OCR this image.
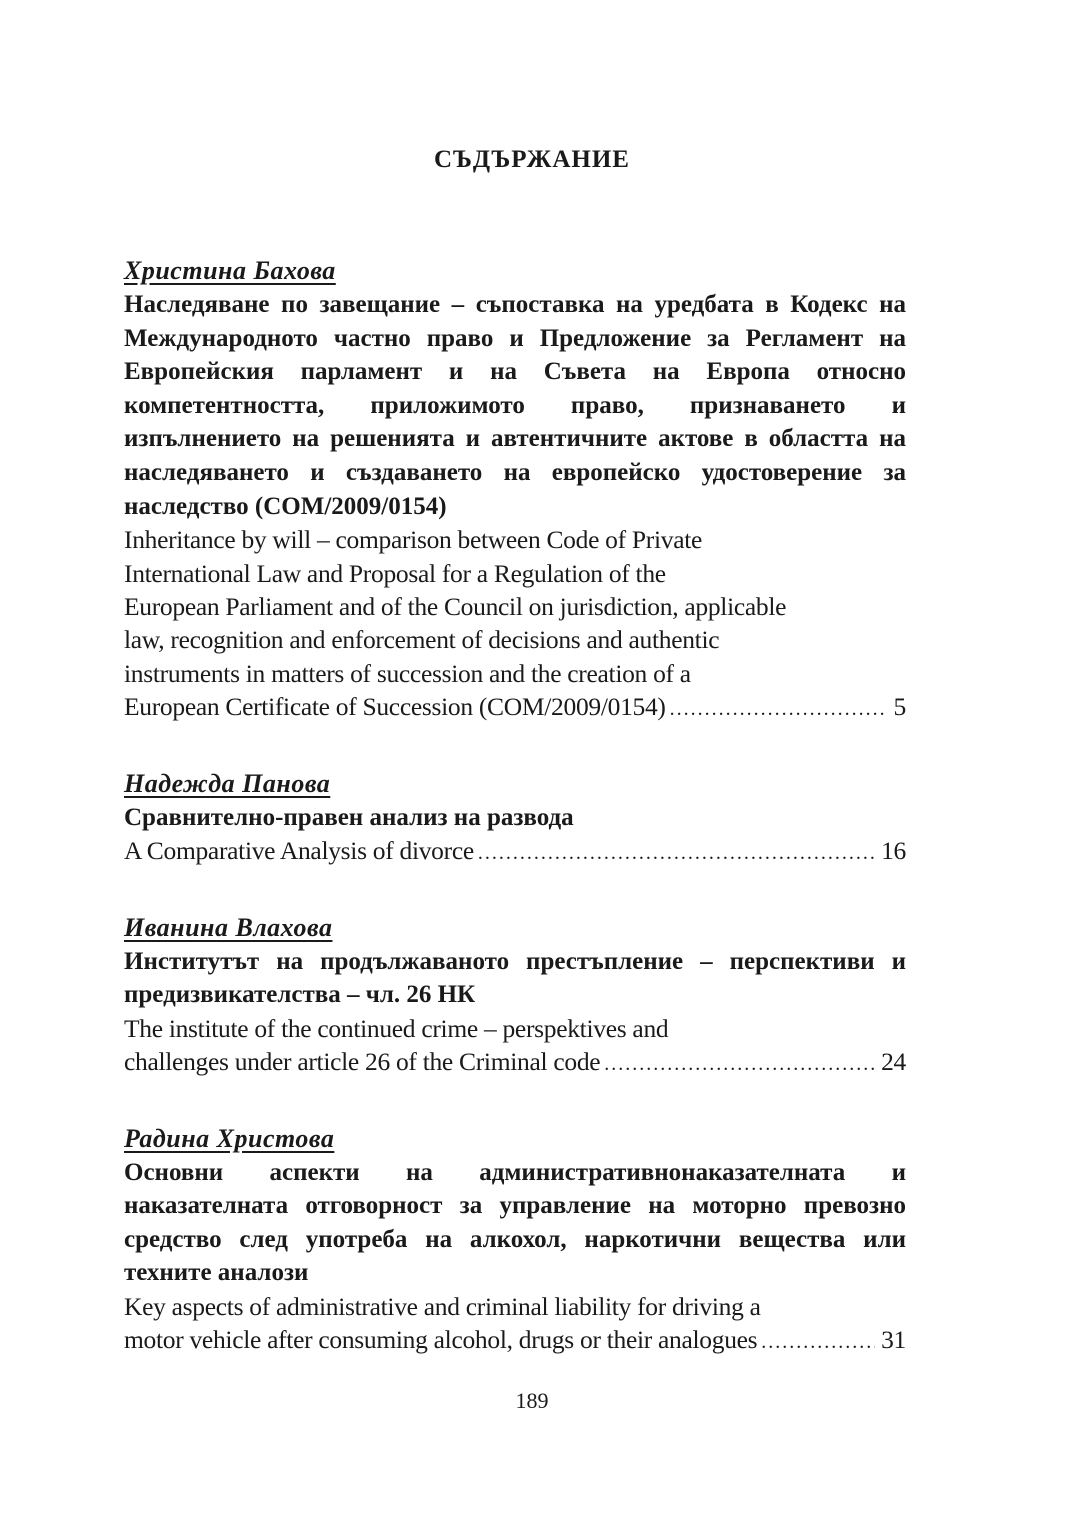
СЪДЪРЖАНИЕ
Христина Бахова
Наследяване по завещание – съпоставка на уредбата в Кодекс на Международното частно право и Предложение за Регламент на Европейския парламент и на Съвета на Европа относно компетентността, приложимото право, признаването и изпълнението на решенията и автентичните актове в областта на наследяването и създаването на европейско удостоверение за наследство (COM/2009/0154)
Inheritance by will – comparison between Code of Private
International Law and Proposal for a Regulation of the
European Parliament and of the Council on jurisdiction, applicable
law, recognition and enforcement of decisions and authentic
instruments in matters of succession and the creation of a
European Certificate of Succession (COM/2009/0154) .....	5
Надежда Панова
Сравнително-правен анализ на развода
A Comparative Analysis of divorce .....	16
Иванина Влахова
Институтът на продължаваното престъпление – перспективи и предизвикателства – чл. 26 НК
The institute of the continued crime – perspektives and
challenges under article 26 of the Criminal code .....	24
Радина Христова
Основни аспекти на административнонаказателната и наказателната отговорност за управление на моторно превозно средство след употреба на алкохол, наркотични вещества или техните аналози
Key aspects of administrative and criminal liability for driving a
motor vehicle after consuming alcohol, drugs or their analogues .....	31
189
